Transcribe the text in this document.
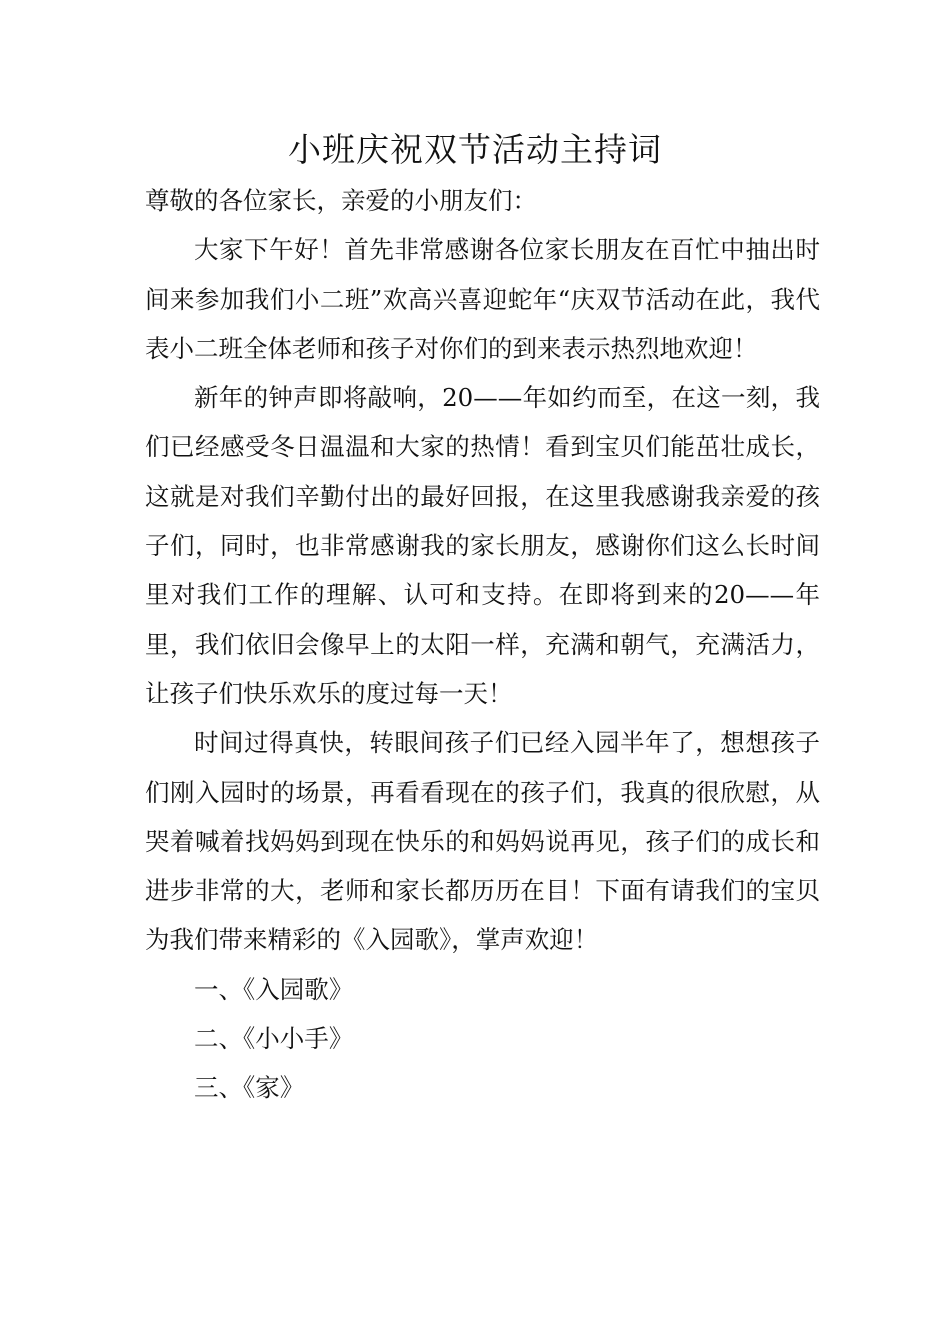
小班庆祝双节活动主持词

尊敬的各位家长，亲爱的小朋友们：

大家下午好！首先非常感谢各位家长朋友在百忙中抽出时间来参加我们小二班”欢高兴喜迎蛇年“庆双节活动在此，我代表小二班全体老师和孩子对你们的到来表示热烈地欢迎！

新年的钟声即将敲响，20——年如约而至，在这一刻，我们已经感受冬日温温和大家的热情！看到宝贝们能茁壮成长，这就是对我们辛勤付出的最好回报，在这里我感谢我亲爱的孩子们，同时，也非常感谢我的家长朋友，感谢你们这么长时间里对我们工作的理解、认可和支持。在即将到来的20——年里，我们依旧会像早上的太阳一样，充满和朝气，充满活力，让孩子们快乐欢乐的度过每一天！

时间过得真快，转眼间孩子们已经入园半年了，想想孩子们刚入园时的场景，再看看现在的孩子们，我真的很欣慰，从哭着喊着找妈妈到现在快乐的和妈妈说再见，孩子们的成长和进步非常的大，老师和家长都历历在目！下面有请我们的宝贝为我们带来精彩的《入园歌》，掌声欢迎！

一、《入园歌》
二、《小小手》
三、《家》
